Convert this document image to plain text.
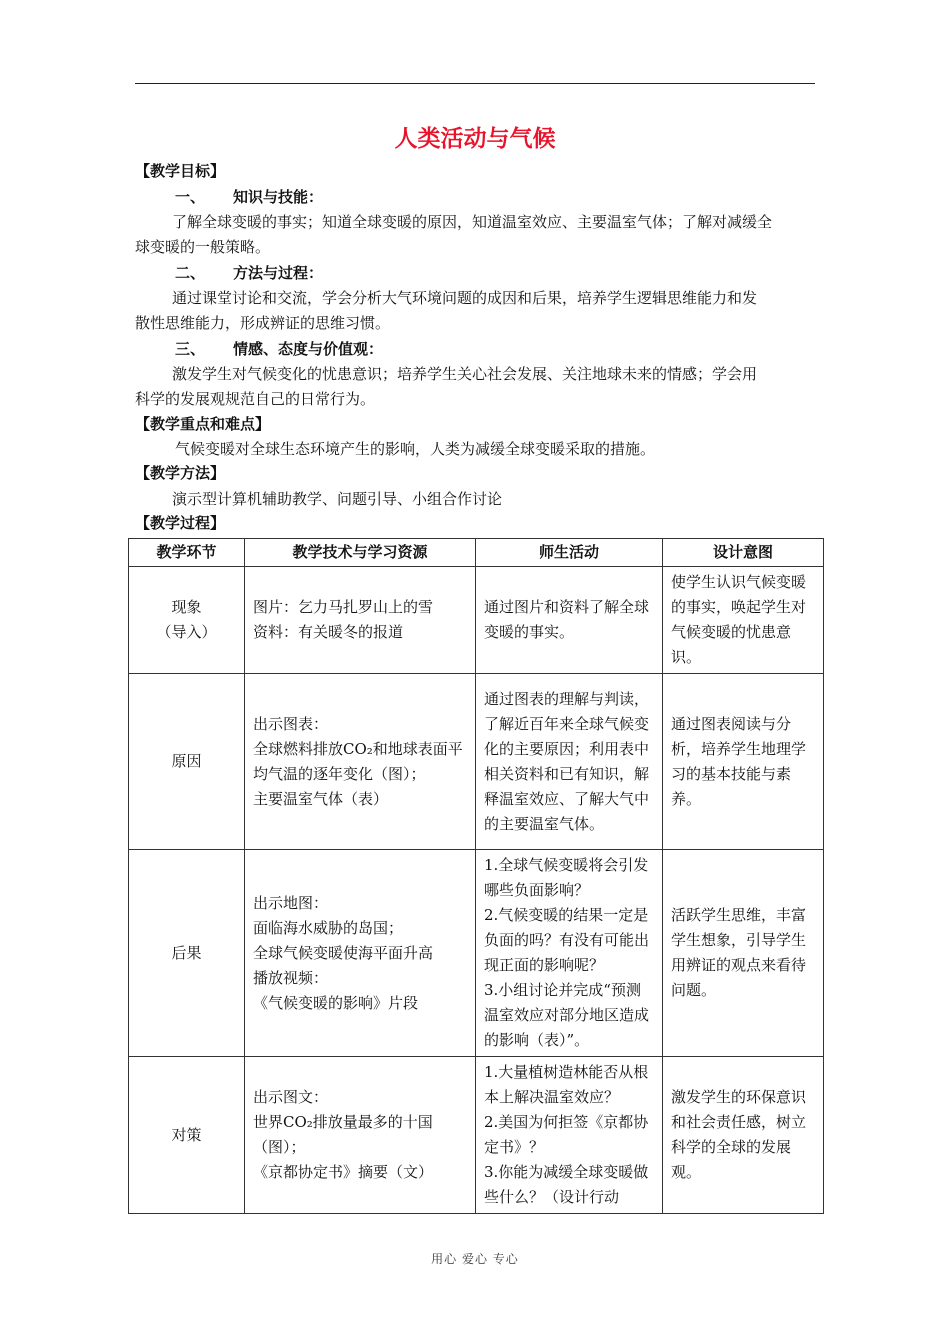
人类活动与气候
【教学目标】
一、 知识与技能：
了解全球变暖的事实；知道全球变暖的原因，知道温室效应、主要温室气体；了解对减缓全
球变暖的一般策略。
二、 方法与过程：
通过课堂讨论和交流，学会分析大气环境问题的成因和后果，培养学生逻辑思维能力和发
散性思维能力，形成辨证的思维习惯。
三、 情感、态度与价值观：
激发学生对气候变化的忧患意识；培养学生关心社会发展、关注地球未来的情感；学会用
科学的发展观规范自己的日常行为。
【教学重点和难点】
气候变暖对全球生态环境产生的影响，人类为减缓全球变暖采取的措施。
【教学方法】
演示型计算机辅助教学、问题引导、小组合作讨论
【教学过程】
教学环节	教学技术与学习资源	师生活动	设计意图
现象
（导入）	图片：乞力马扎罗山上的雪
资料：有关暖冬的报道	通过图片和资料了解全球变暖的事实。	使学生认识气候变暖的事实，唤起学生对气候变暖的忧患意识。
原因	出示图表：
全球燃料排放CO₂和地球表面平均气温的逐年变化（图）；
主要温室气体（表）	通过图表的理解与判读，了解近百年来全球气候变化的主要原因；利用表中相关资料和已有知识，解释温室效应、了解大气中的主要温室气体。	通过图表阅读与分析，培养学生地理学习的基本技能与素养。
后果	出示地图：
面临海水威胁的岛国；
全球气候变暖使海平面升高
播放视频：
《气候变暖的影响》片段	1.全球气候变暖将会引发哪些负面影响？
2.气候变暖的结果一定是负面的吗？有没有可能出现正面的影响呢？
3.小组讨论并完成“预测温室效应对部分地区造成的影响（表）”。	活跃学生思维，丰富学生想象，引导学生用辨证的观点来看待问题。
对策	出示图文：
世界CO₂排放量最多的十国（图）；
《京都协定书》摘要（文）	1.大量植树造林能否从根本上解决温室效应？
2.美国为何拒签《京都协定书》？
3.你能为减缓全球变暖做些什么？（设计行动	激发学生的环保意识和社会责任感，树立科学的全球的发展观。
用心 爱心 专心
